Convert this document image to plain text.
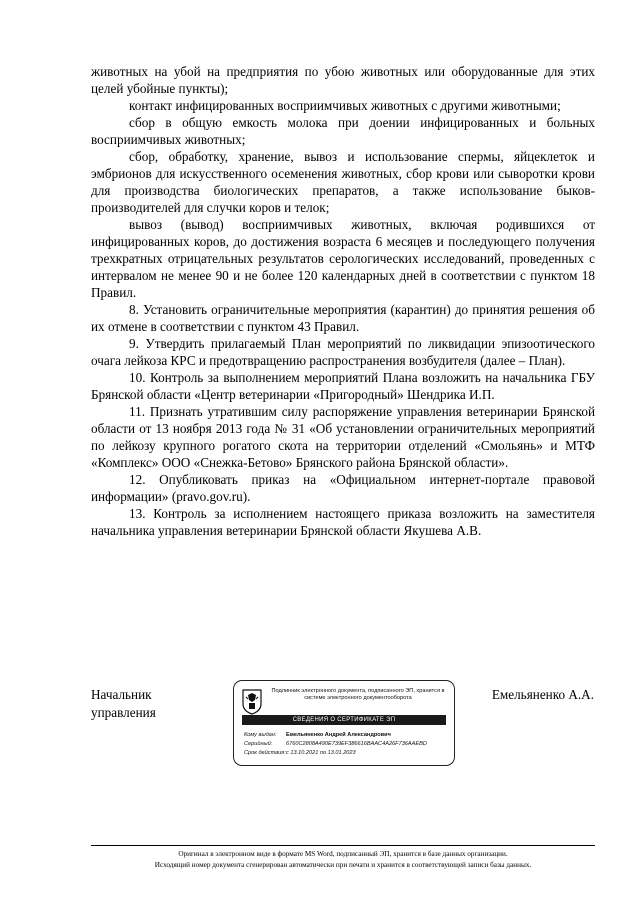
животных на убой на предприятия по убою животных или оборудованные для этих целей убойные пункты);

контакт инфицированных восприимчивых животных с другими животными;

сбор в общую емкость молока при доении инфицированных и больных восприимчивых животных;

сбор, обработку, хранение, вывоз и использование спермы, яйцеклеток и эмбрионов для искусственного осеменения животных, сбор крови или сыворотки крови для производства биологических препаратов, а также использование быков-производителей для случки коров и телок;

вывоз (вывод) восприимчивых животных, включая родившихся от инфицированных коров, до достижения возраста 6 месяцев и последующего получения трехкратных отрицательных результатов серологических исследований, проведенных с интервалом не менее 90 и не более 120 календарных дней в соответствии с пунктом 18 Правил.

8. Установить ограничительные мероприятия (карантин) до принятия решения об их отмене в соответствии с пунктом 43 Правил.

9. Утвердить прилагаемый План мероприятий по ликвидации эпизоотического очага лейкоза КРС и предотвращению распространения возбудителя (далее – План).

10. Контроль за выполнением мероприятий Плана возложить на начальника ГБУ Брянской области «Центр ветеринарии «Пригородный» Шендрика И.П.

11. Признать утратившим силу распоряжение управления ветеринарии Брянской области от 13 ноября 2013 года № 31 «Об установлении ограничительных мероприятий по лейкозу крупного рогатого скота на территории отделений «Смольянь» и МТФ «Комплекс» ООО «Снежка-Бетово» Брянского района Брянской области».

12. Опубликовать приказ на «Официальном интернет-портале правовой информации» (pravo.gov.ru).

13. Контроль за исполнением настоящего приказа возложить на заместителя начальника управления ветеринарии Брянской области Якушева А.В.

Начальник
управления
Подлинник электронного документа, подписанного ЭП, хранится в системе электронного документооборота
СВЕДЕНИЯ О СЕРТИФИКАТЕ ЭП
Кому выдан: Емельяненко Андрей Александрович
Серийный: 6760C2808A490E739EF386616BAAC4A26F736AAEBD
Срок действия:с 13.10.2021 по 13.01.2023
Емельяненко А.А.
Оригинал в электронном виде в формате MS Word, подписанный ЭП, хранится в базе данных организации.
Исходящий номер документа сгенерирован автоматически при печати и хранится в соответствующей записи базы данных.
